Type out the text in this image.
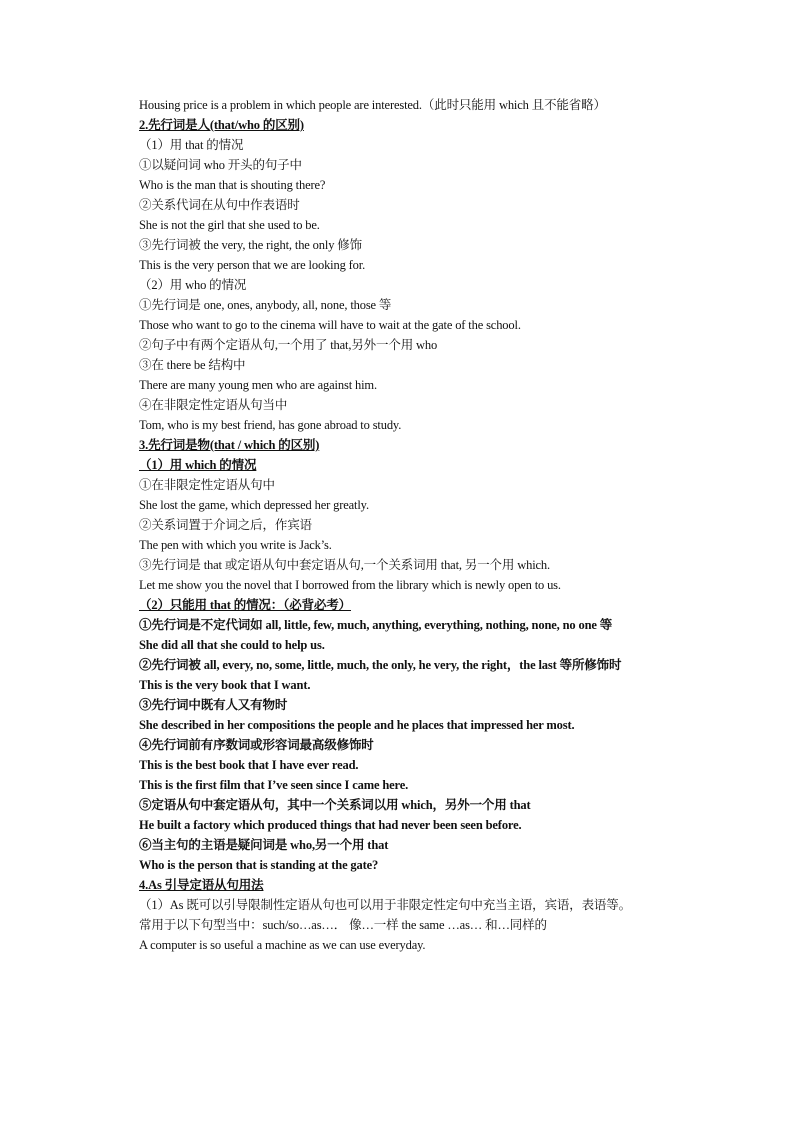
Housing price is a problem in which people are interested.（此时只能用 which 且不能省略）
2.先行词是人(that/who 的区别)
（1）用 that 的情况
①以疑问词 who 开头的句子中
Who is the man that is shouting there?
②关系代词在从句中作表语时
She is not the girl that she used to be.
③先行词被 the very, the right, the only 修饰
This is the very person that we are looking for.
（2）用 who 的情况
①先行词是 one, ones, anybody, all, none, those 等
Those who want to go to the cinema will have to wait at the gate of the school.
②句子中有两个定语从句,一个用了 that,另外一个用 who
③在 there be 结构中
There are many young men who are against him.
④在非限定性定语从句当中
Tom, who is my best friend, has gone abroad to study.
3.先行词是物(that / which 的区别)
（1）用 which 的情况
①在非限定性定语从句中
She lost the game, which depressed her greatly.
②关系词置于介词之后，作宾语
The pen with which you write is Jack’s.
③先行词是 that 或定语从句中套定语从句,一个关系词用 that, 另一个用 which.
Let me show you the novel that I borrowed from the library which is newly open to us.
（2）只能用 that 的情况：（必背必考）
①先行词是不定代词如 all, little, few, much, anything, everything, nothing, none, no one 等
She did all that she could to help us.
②先行词被 all, every, no, some, little, much, the only, he very, the right，the last 等所修饰时
This is the very book that I want.
③先行词中既有人又有物时
She described in her compositions the people and he places that impressed her most.
④先行词前有序数词或形容词最高级修饰时
This is the best book that I have ever read.
This is the first film that I’ve seen since I came here.
⑤定语从句中套定语从句，其中一个关系词以用 which，另外一个用 that
He built a factory which produced things that had never been seen before.
⑥当主句的主语是疑问词是 who,另一个用 that
Who is the person that is standing at the gate?
4.As 引导定语从句用法
（1）As 既可以引导限制性定语从句也可以用于非限定性定句中充当主语，宾语，表语等。
常用于以下句型当中：such/so…as…． 像…一样 the same …as… 和…同样的
A computer is so useful a machine as we can use everyday.
